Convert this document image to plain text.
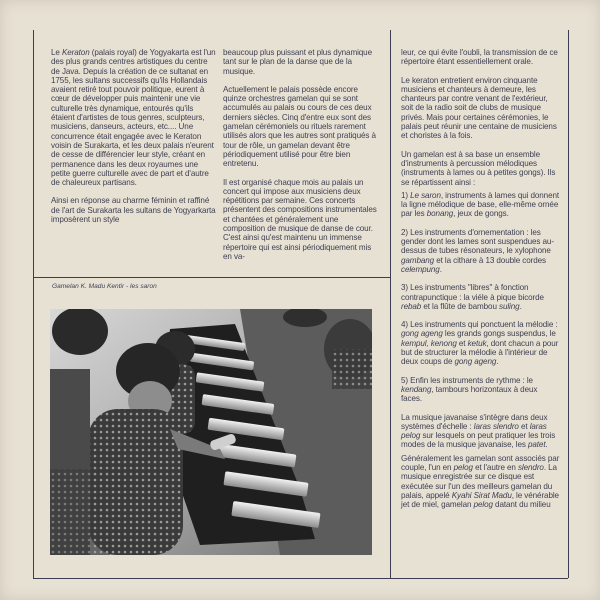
Le Keraton (palais royal) de Yogyakarta est l'un des plus grands centres artistiques du centre de Java. Depuis la création de ce sultanat en 1755, les sultans successifs qu'ils Hollandais avaient retiré tout pouvoir politique, eurent à cœur de développer puis maintenir une vie culturelle très dynamique, entourés qu'ils étaient d'artistes de tous genres, sculpteurs, musiciens, danseurs, acteurs, etc.... Une concurrence était engagée avec le Keraton voisin de Surakarta, et les deux palais n'eurent de cesse de différencier leur style, créant en permanence dans les deux royaumes une petite guerre culturelle avec de part et d'autre de chaleureux partisans.

Ainsi en réponse au charme féminin et raffiné de l'art de Surakarta les sultans de Yogyarkarta imposèrent un style

beaucoup plus puissant et plus dynamique tant sur le plan de la danse que de la musique.

Actuellement le palais possède encore quinze orchestres gamelan qui se sont accumulés au palais ou cours de ces deux derniers siècles. Cinq d'entre eux sont des gamelan cérémoniels ou rituels rarement utilisés alors que les autres sont pratiqués à tour de rôle, un gamelan devant être périodiquement utilisé pour être bien entretenu.

Il est organisé chaque mois au palais un concert qui impose aux musiciens deux répétitions par semaine. Ces concerts présentent des compositions instrumentales et chantées et généralement une composition de musique de danse de cour. C'est ainsi qu'est maintenu un immense répertoire qui est ainsi périodiquement mis en va-

leur, ce qui évite l'oubli, la transmission de ce répertoire étant essentiellement orale.

Le keraton entretient environ cinquante musiciens et chanteurs à demeure, les chanteurs par contre venant de l'extérieur, soit de la radio soit de clubs de musique privés. Mais pour certaines cérémonies, le palais peut réunir une centaine de musiciens et choristes à la fois.

Un gamelan est à sa base un ensemble d'instruments à percussion mélodiques (instruments à lames ou à petites gongs). Ils se répartissent ainsi :

1) Le saron, instruments à lames qui donnent la ligne mélodique de base, elle-même ornée par les bonang, jeux de gongs.

2) Les instruments d'ornementation : les gender dont les lames sont suspendues au-dessus de tubes résonateurs, le xylophone gambang et la cithare à 13 double cordes celempung.

3) Les instruments "libres" à fonction contrapunctique : la viéle à pique bicorde rebab et la flûte de bambou suling.

4) Les instruments qui ponctuent la mélodie : gong ageng les grands gongs suspendus, le kempul, kenong et ketuk, dont chacun a pour but de structurer la mélodie à l'intérieur de deux coups de gong ageng.

5) Enfin les instruments de rythme : le kendang, tambours horizontaux à deux faces.

La musique javanaise s'intègre dans deux systèmes d'échelle : laras slendro et laras pelog sur lesquels on peut pratiquer les trois modes de la musique javanaise, les patet.

Généralement les gamelan sont associés par couple, l'un en pelog et l'autre en slendro. La musique enregistrée sur ce disque est exécutée sur l'un des meilleurs gamelan du palais, appelé Kyahi Sirat Madu, le vénérable jet de miel, gamelan pelog datant du milieu

Gamelan K. Madu Kentir - les saron
